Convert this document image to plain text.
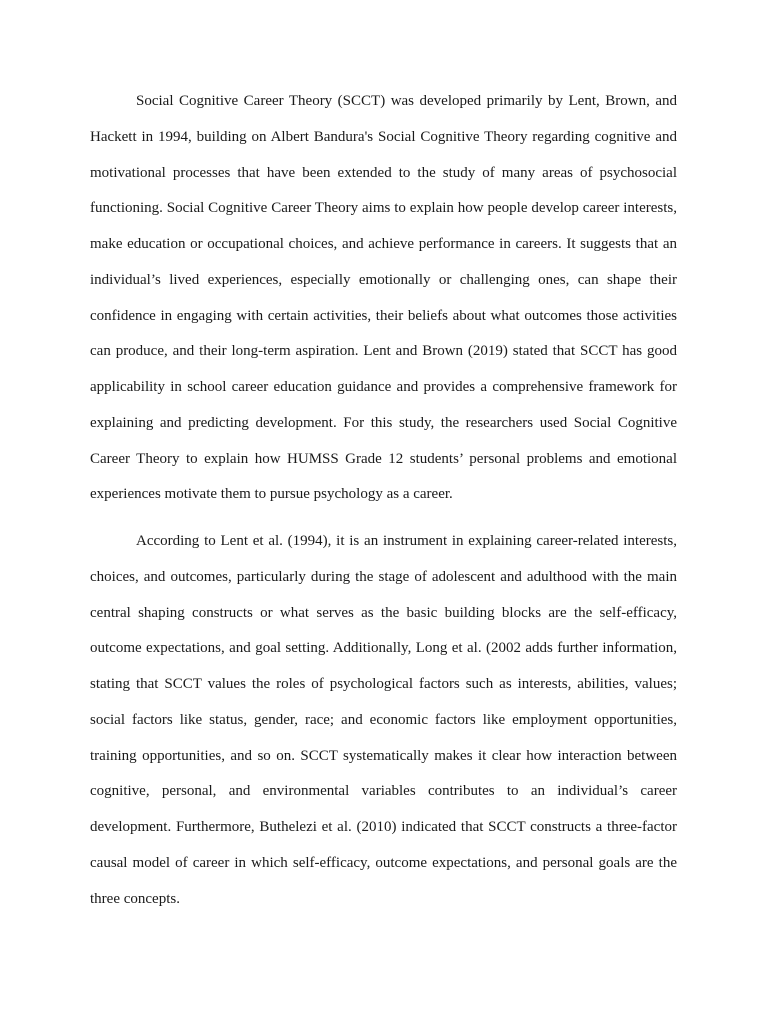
Social Cognitive Career Theory (SCCT) was developed primarily by Lent, Brown, and Hackett in 1994, building on Albert Bandura's Social Cognitive Theory regarding cognitive and motivational processes that have been extended to the study of many areas of psychosocial functioning. Social Cognitive Career Theory aims to explain how people develop career interests, make education or occupational choices, and achieve performance in careers. It suggests that an individual’s lived experiences, especially emotionally or challenging ones, can shape their confidence in engaging with certain activities, their beliefs about what outcomes those activities can produce, and their long-term aspiration. Lent and Brown (2019) stated that SCCT has good applicability in school career education guidance and provides a comprehensive framework for explaining and predicting development. For this study, the researchers used Social Cognitive Career Theory to explain how HUMSS Grade 12 students’ personal problems and emotional experiences motivate them to pursue psychology as a career.

According to Lent et al. (1994), it is an instrument in explaining career-related interests, choices, and outcomes, particularly during the stage of adolescent and adulthood with the main central shaping constructs or what serves as the basic building blocks are the self-efficacy, outcome expectations, and goal setting. Additionally, Long et al. (2002 adds further information, stating that SCCT values the roles of psychological factors such as interests, abilities, values; social factors like status, gender, race; and economic factors like employment opportunities, training opportunities, and so on. SCCT systematically makes it clear how interaction between cognitive, personal, and environmental variables contributes to an individual’s career development. Furthermore, Buthelezi et al. (2010) indicated that SCCT constructs a three-factor causal model of career in which self-efficacy, outcome expectations, and personal goals are the three concepts.
